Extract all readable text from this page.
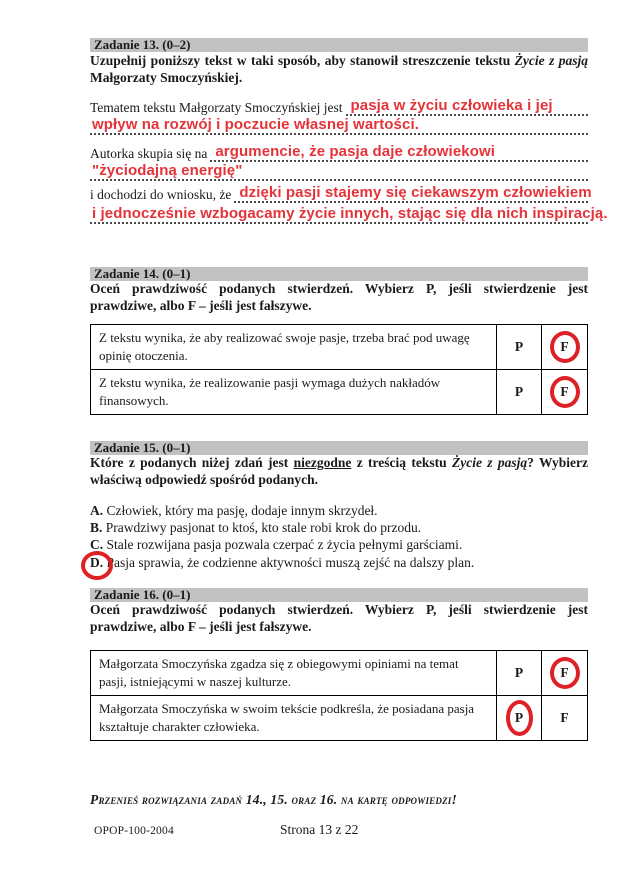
Zadanie 13. (0–2)
Uzupełnij poniższy tekst w taki sposób, aby stanowił streszczenie tekstu Życie z pasją Małgorzaty Smoczyńskiej.
Tematem tekstu Małgorzaty Smoczyńskiej jest pasja w życiu człowieka i jej
wpływ na rozwój i poczucie własnej wartości.
Autorka skupia się na argumencie, że pasja daje człowiekowi
"życiodajną energię"
i dochodzi do wniosku, że dzięki pasji stajemy się ciekawszym człowiekiem
i jednocześnie wzbogacamy życie innych, stając się dla nich inspiracją.
Zadanie 14. (0–1)
Oceń prawdziwość podanych stwierdzeń. Wybierz P, jeśli stwierdzenie jest prawdziwe, albo F – jeśli jest fałszywe.
Z tekstu wynika, że aby realizować swoje pasje, trzeba brać pod uwagę opinię otoczenia.
P	F
Z tekstu wynika, że realizowanie pasji wymaga dużych nakładów finansowych.
P	F
Zadanie 15. (0–1)
Które z podanych niżej zdań jest niezgodne z treścią tekstu Życie z pasją? Wybierz właściwą odpowiedź spośród podanych.
A. Człowiek, który ma pasję, dodaje innym skrzydeł.
B. Prawdziwy pasjonat to ktoś, kto stale robi krok do przodu.
C. Stale rozwijana pasja pozwala czerpać z życia pełnymi garściami.
D. Pasja sprawia, że codzienne aktywności muszą zejść na dalszy plan.
Zadanie 16. (0–1)
Oceń prawdziwość podanych stwierdzeń. Wybierz P, jeśli stwierdzenie jest prawdziwe, albo F – jeśli jest fałszywe.
Małgorzata Smoczyńska zgadza się z obiegowymi opiniami na temat pasji, istniejącymi w naszej kulturze.
P	F
Małgorzata Smoczyńska w swoim tekście podkreśla, że posiadana pasja kształtuje charakter człowieka.
P	F
Przenieś rozwiązania zadań 14., 15. oraz 16. na kartę odpowiedzi!
OPOP-100-2004	Strona 13 z 22
